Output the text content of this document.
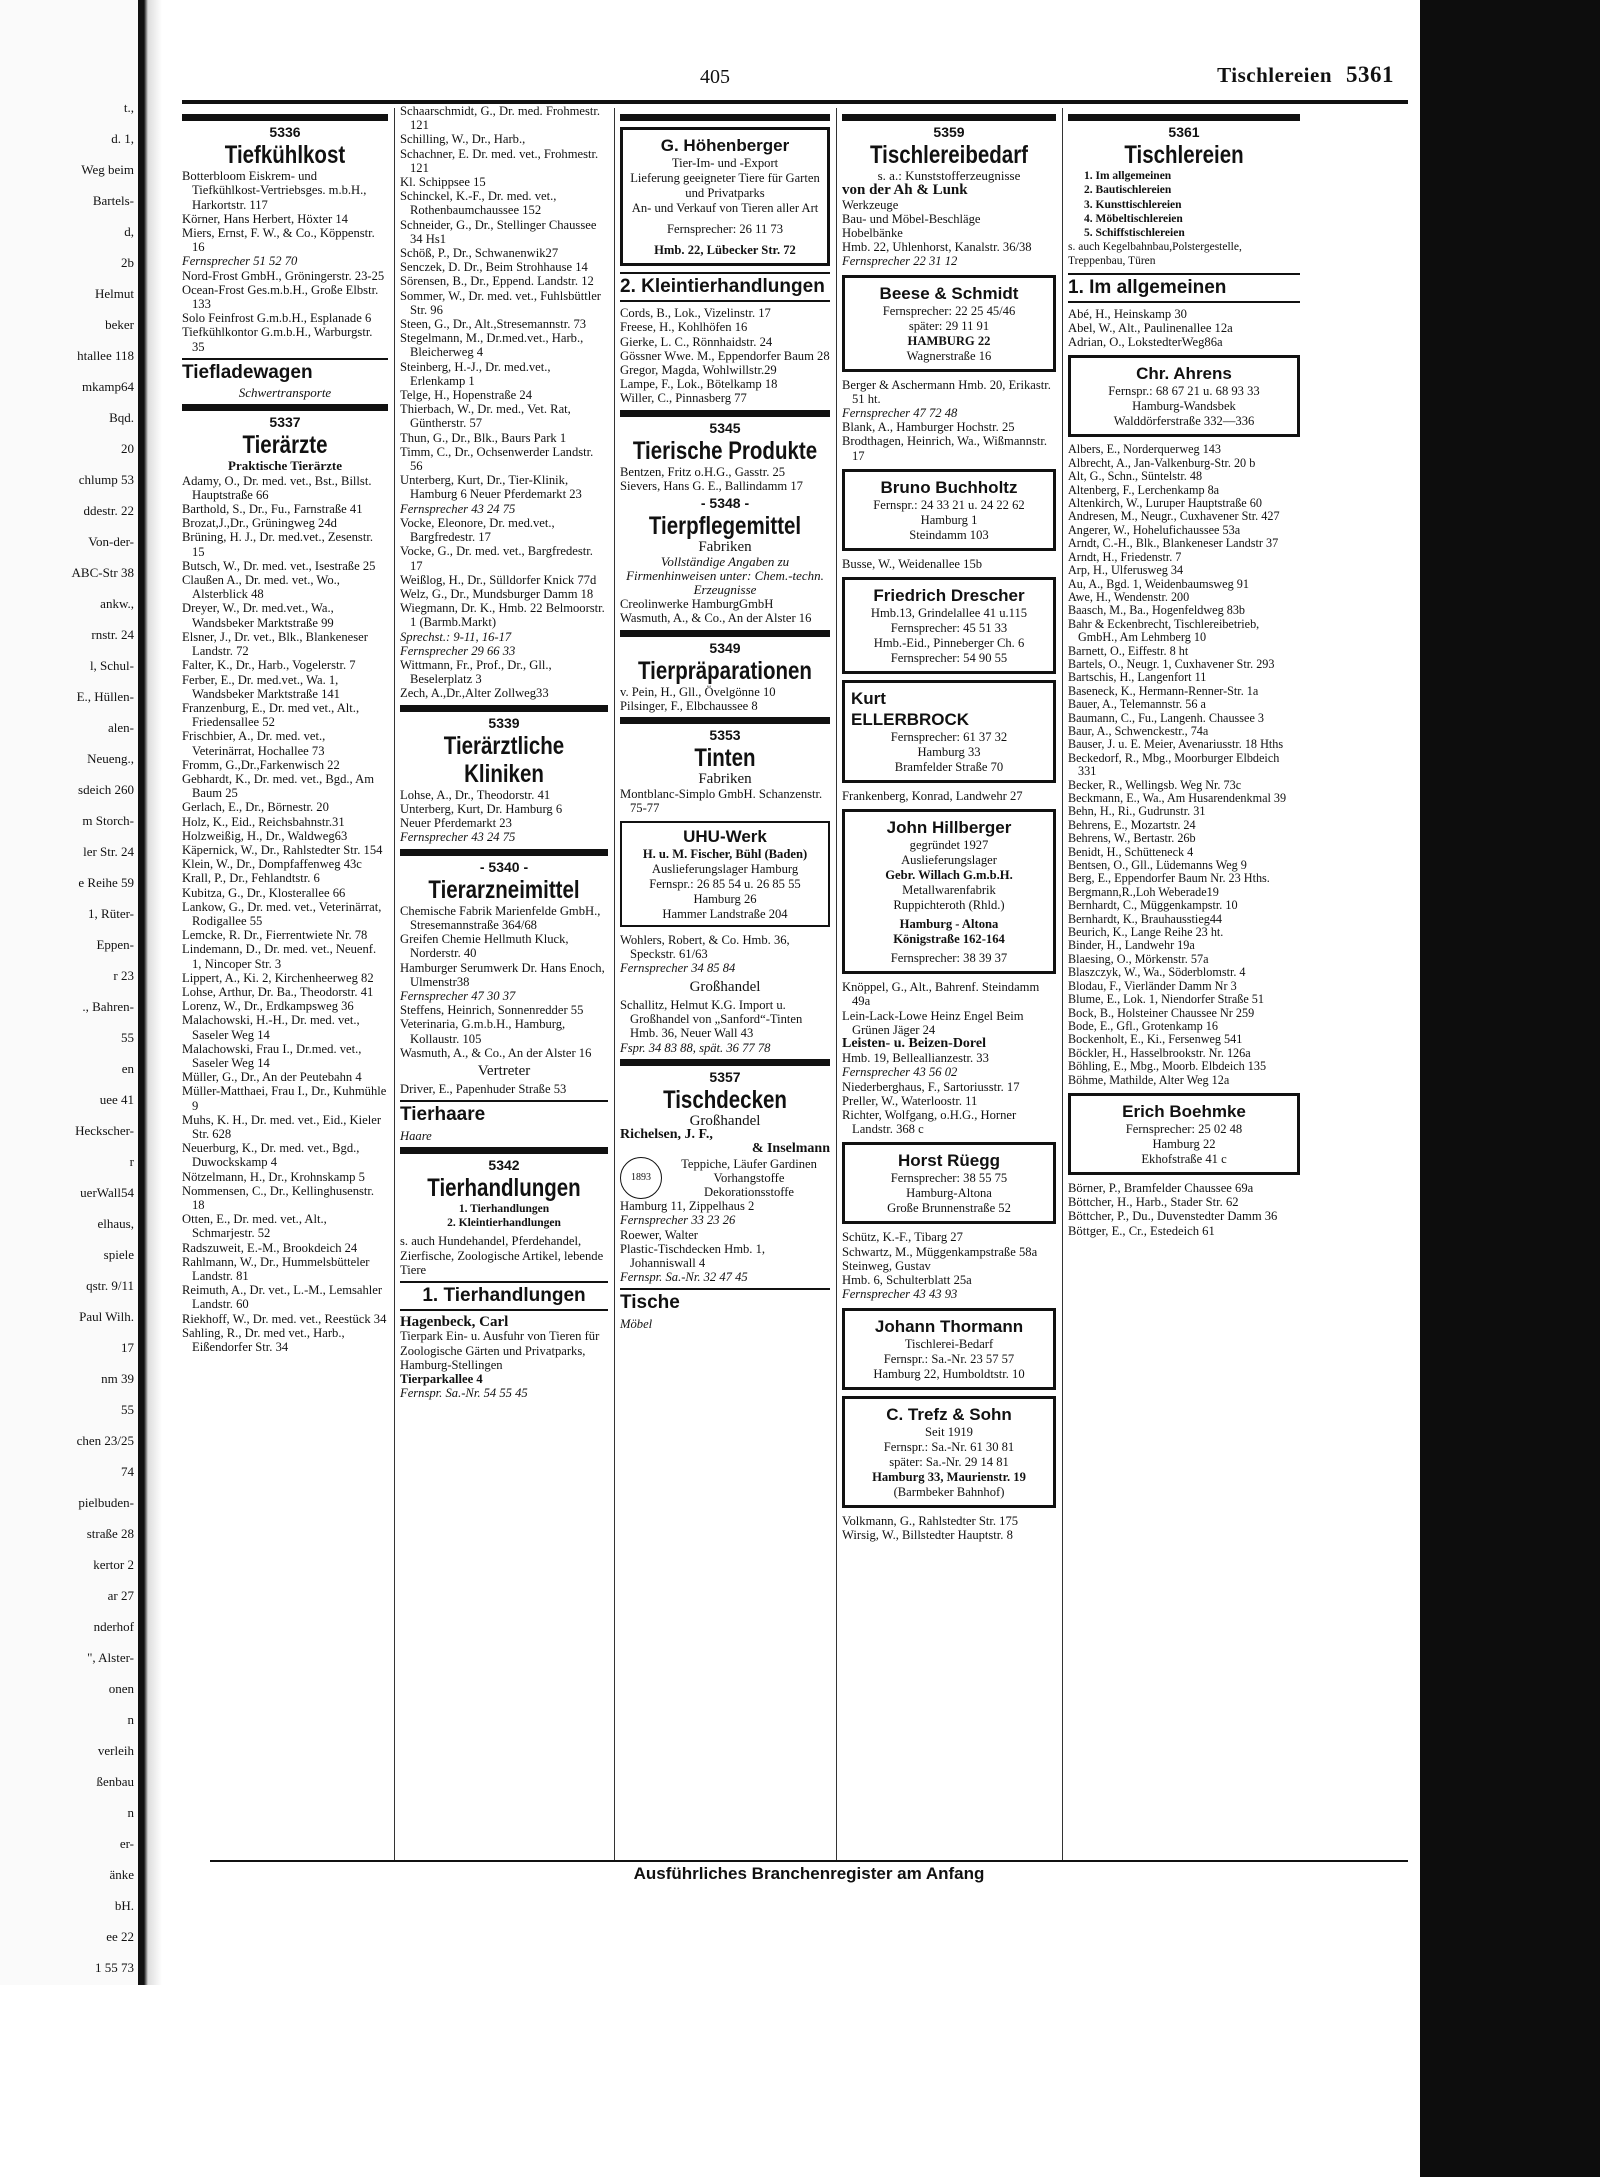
t.,
d. 1,
Weg beim
Bartels-
d,
2b
Helmut
beker
htallee 118
mkamp64
Bqd.
20
chlump 53
ddestr. 22
Von-der-
ABC-Str 38
ankw.,
rnstr. 24
l, Schul-
E., Hüllen-
alen-
Neueng.,
sdeich 260
m Storch-
ler Str. 24
e Reihe 59
1, Rüter-
Eppen-
r 23
., Bahren-
55
en
uee 41
Heckscher-
r
uerWall54
elhaus,
spiele
qstr. 9/11
Paul Wilh.
17
nm 39
55
chen 23/25
74
pielbuden-
straße 28
kertor 2
ar 27
nderhof
", Alster-
onen
n
verleih
ßenbau
n
er-
änke
bH.
ee 22
1 55 73
405	Tischlereien 5361
5336
Tiefkühlkost

Botterbloom Eiskrem- und Tiefkühlkost-Vertriebsges. m.b.H., Harkortstr. 117

Körner, Hans Herbert, Höxter 14

Miers, Ernst, F. W., & Co., Köppenstr. 16

Fernsprecher 51 52 70

Nord-Frost GmbH., Gröningerstr. 23-25

Ocean-Frost Ges.m.b.H., Große Elbstr. 133

Solo Feinfrost G.m.b.H., Esplanade 6

Tiefkühlkontor G.m.b.H., Warburgstr. 35

Tiefladewagen
Schwertransporte
5337
Tierärzte
Praktische Tierärzte

Adamy, O., Dr. med. vet., Bst., Billst. Hauptstraße 66

Barthold, S., Dr., Fu., Farnstraße 41

Brozat,J.,Dr., Grüningweg 24d

Brüning, H. J., Dr. med.vet., Zesenstr. 15

Butsch, W., Dr. med. vet., Isestraße 25

Claußen A., Dr. med. vet., Wo., Alsterblick 48

Dreyer, W., Dr. med.vet., Wa., Wandsbeker Marktstraße 99

Elsner, J., Dr. vet., Blk., Blankeneser Landstr. 72

Falter, K., Dr., Harb., Vogelerstr. 7

Ferber, E., Dr. med.vet., Wa. 1, Wandsbeker Marktstraße 141

Franzenburg, E., Dr. med vet., Alt., Friedensallee 52

Frischbier, A., Dr. med. vet., Veterinärrat, Hochallee 73

Fromm, G.,Dr.,Farkenwisch 22

Gebhardt, K., Dr. med. vet., Bgd., Am Baum 25

Gerlach, E., Dr., Börnestr. 20

Holz, K., Eid., Reichsbahnstr.31

Holzweißig, H., Dr., Waldweg63

Käpernick, W., Dr., Rahlstedter Str. 154

Klein, W., Dr., Dompfaffenweg 43c

Krall, P., Dr., Fehlandtstr. 6

Kubitza, G., Dr., Klosterallee 66

Lankow, G., Dr. med. vet., Veterinärrat, Rodigallee 55

Lemcke, R. Dr., Fierrentwiete Nr. 78

Lindemann, D., Dr. med. vet., Neuenf. 1, Nincoper Str. 3

Lippert, A., Ki. 2, Kirchenheerweg 82

Lohse, Arthur, Dr. Ba., Theodorstr. 41

Lorenz, W., Dr., Erdkampsweg 36

Malachowski, H.-H., Dr. med. vet., Saseler Weg 14

Malachowski, Frau I., Dr.med. vet., Saseler Weg 14

Müller, G., Dr., An der Peutebahn 4

Müller-Matthaei, Frau I., Dr., Kuhmühle 9

Muhs, K. H., Dr. med. vet., Eid., Kieler Str. 628

Neuerburg, K., Dr. med. vet., Bgd., Duwockskamp 4

Nötzelmann, H., Dr., Krohnskamp 5

Nommensen, C., Dr., Kellinghusenstr. 18

Otten, E., Dr. med. vet., Alt., Schmarjestr. 52

Radszuweit, E.-M., Brookdeich 24

Rahlmann, W., Dr., Hummelsbütteler Landstr. 81

Reimuth, A., Dr. vet., L.-M., Lemsahler Landstr. 60

Riekhoff, W., Dr. med. vet., Reestück 34

Sahling, R., Dr. med vet., Harb., Eißendorfer Str. 34

Schaarschmidt, G., Dr. med. Frohmestr. 121

Schilling, W., Dr., Harb.,

Schachner, E. Dr. med. vet., Frohmestr. 121

Kl. Schippsee 15

Schinckel, K.-F., Dr. med. vet., Rothenbaumchaussee 152

Schneider, G., Dr., Stellinger Chaussee 34 Hs1

Schöß, P., Dr., Schwanenwik27

Senczek, D. Dr., Beim Strohhause 14

Sörensen, B., Dr., Eppend. Landstr. 12

Sommer, W., Dr. med. vet., Fuhlsbüttler Str. 96

Steen, G., Dr., Alt.,Stresemannstr. 73

Stegelmann, M., Dr.med.vet., Harb., Bleicherweg 4

Steinberg, H.-J., Dr. med.vet., Erlenkamp 1

Telge, H., Hopenstraße 24

Thierbach, W., Dr. med., Vet. Rat, Güntherstr. 57

Thun, G., Dr., Blk., Baurs Park 1

Timm, C., Dr., Ochsenwerder Landstr. 56

Unterberg, Kurt, Dr., Tier-Klinik, Hamburg 6 Neuer Pferdemarkt 23

Fernsprecher 43 24 75

Vocke, Eleonore, Dr. med.vet., Bargfredestr. 17

Vocke, G., Dr. med. vet., Bargfredestr. 17

Weißlog, H., Dr., Sülldorfer Knick 77d

Welz, G., Dr., Mundsburger Damm 18

Wiegmann, Dr. K., Hmb. 22 Belmoorstr. 1 (Barmb.Markt)

Sprechst.: 9-11, 16-17

Fernsprecher 29 66 33

Wittmann, Fr., Prof., Dr., Gll., Beselerplatz 3

Zech, A.,Dr.,Alter Zollweg33

5339
Tierärztliche Kliniken

Lohse, A., Dr., Theodorstr. 41

Unterberg, Kurt, Dr. Hamburg 6

Neuer Pferdemarkt 23

Fernsprecher 43 24 75

- 5340 -
Tierarzneimittel

Chemische Fabrik Marienfelde GmbH., Stresemannstraße 364/68

Greifen Chemie Hellmuth Kluck, Norderstr. 40

Hamburger Serumwerk Dr. Hans Enoch, Ulmenstr38

Fernsprecher 47 30 37

Steffens, Heinrich, Sonnenredder 55

Veterinaria, G.m.b.H., Hamburg, Kollaustr. 105

Wasmuth, A., & Co., An der Alster 16

Vertreter

Driver, E., Papenhuder Straße 53

Tierhaare
Haare
5342
Tierhandlungen
1. Tierhandlungen
2. Kleintierhandlungen

s. auch Hundehandel, Pferdehandel, Zierfische, Zoologische Artikel, lebende Tiere

1. Tierhandlungen

Hagenbeck, Carl

Tierpark Ein- u. Ausfuhr von Tieren für Zoologische Gärten und Privatparks, Hamburg-Stellingen

Tierparkallee 4

Fernspr. Sa.-Nr. 54 55 45

G. Höhenberger
Tier-Im- und -Export
Lieferung geeigneter Tiere für Garten und Privatparks
An- und Verkauf von Tieren aller Art
Fernsprecher: 26 11 73
Hmb. 22, Lübecker Str. 72
2. Kleintierhandlungen

Cords, B., Lok., Vizelinstr. 17

Freese, H., Kohlhöfen 16

Gierke, L. C., Rönnhaidstr. 24

Gössner Wwe. M., Eppendorfer Baum 28

Gregor, Magda, Wohlwillstr.29

Lampe, F., Lok., Bötelkamp 18

Willer, C., Pinnasberg 77

5345
Tierische Produkte

Bentzen, Fritz o.H.G., Gasstr. 25

Sievers, Hans G. E., Ballindamm 17

- 5348 -
Tierpflegemittel
Fabriken
Vollständige Angaben zu Firmenhinweisen unter: Chem.-techn. Erzeugnisse

Creolinwerke HamburgGmbH

Wasmuth, A., & Co., An der Alster 16

5349
Tierpräparationen

v. Pein, H., Gll., Övelgönne 10

Pilsinger, F., Elbchaussee 8

5353
Tinten
Fabriken

Montblanc-Simplo GmbH. Schanzenstr. 75-77

UHU-Werk
H. u. M. Fischer, Bühl (Baden)
Auslieferungslager Hamburg
Fernspr.: 26 85 54 u. 26 85 55
Hamburg 26
Hammer Landstraße 204

Wohlers, Robert, & Co. Hmb. 36, Speckstr. 61/63

Fernsprecher 34 85 84

Großhandel

Schallitz, Helmut K.G. Import u. Großhandel von „Sanford“-Tinten Hmb. 36, Neuer Wall 43

Fspr. 34 83 88, spät. 36 77 78

5357
Tischdecken
Großhandel

Richelsen, J. F.,

& Inselmann

1893
Teppiche, Läufer Gardinen Vorhangstoffe Dekorationsstoffe

Hamburg 11, Zippelhaus 2

Fernsprecher 33 23 26

Roewer, Walter

Plastic-Tischdecken Hmb. 1, Johanniswall 4

Fernspr. Sa.-Nr. 32 47 45

Tische
Möbel
5359
Tischlereibedarf
s. a.: Kunststofferzeugnisse

von der Ah & Lunk

Werkzeuge

Bau- und Möbel-Beschläge

Hobelbänke

Hmb. 22, Uhlenhorst, Kanalstr. 36/38

Fernsprecher 22 31 12

Beese & Schmidt
Fernsprecher: 22 25 45/46
später: 29 11 91
HAMBURG 22
Wagnerstraße 16

Berger & Aschermann Hmb. 20, Erikastr. 51 ht.

Fernsprecher 47 72 48

Blank, A., Hamburger Hochstr. 25

Brodthagen, Heinrich, Wa., Wißmannstr. 17

Bruno Buchholtz
Fernspr.: 24 33 21 u. 24 22 62
Hamburg 1
Steindamm 103

Busse, W., Weidenallee 15b

Friedrich Drescher
Hmb.13, Grindelallee 41 u.115
Fernsprecher: 45 51 33
Hmb.-Eid., Pinneberger Ch. 6
Fernsprecher: 54 90 55
Kurt
ELLERBROCK
Fernsprecher: 61 37 32
Hamburg 33
Bramfelder Straße 70

Frankenberg, Konrad, Landwehr 27

John Hillberger
gegründet 1927
Auslieferungslager
Gebr. Willach G.m.b.H.
Metallwarenfabrik
Ruppichteroth (Rhld.)
Hamburg - Altona
Königstraße 162-164
Fernsprecher: 38 39 37

Knöppel, G., Alt., Bahrenf. Steindamm 49a

Lein-Lack-Lowe Heinz Engel Beim Grünen Jäger 24

Leisten- u. Beizen-Dorel

Hmb. 19, Belleallianzestr. 33

Fernsprecher 43 56 02

Niederberghaus, F., Sartoriusstr. 17

Preller, W., Waterloostr. 11

Richter, Wolfgang, o.H.G., Horner Landstr. 368 c

Horst Rüegg
Fernsprecher: 38 55 75
Hamburg-Altona
Große Brunnenstraße 52

Schütz, K.-F., Tibarg 27

Schwartz, M., Müggenkampstraße 58a

Steinweg, Gustav

Hmb. 6, Schulterblatt 25a

Fernsprecher 43 43 93

Johann Thormann
Tischlerei-Bedarf
Fernspr.: Sa.-Nr. 23 57 57
Hamburg 22, Humboldtstr. 10
C. Trefz & Sohn
Seit 1919
Fernspr.: Sa.-Nr. 61 30 81
später: Sa.-Nr. 29 14 81
Hamburg 33, Maurienstr. 19
(Barmbeker Bahnhof)

Volkmann, G., Rahlstedter Str. 175

Wirsig, W., Billstedter Hauptstr. 8

5361
Tischlereien
1. Im allgemeinen
2. Bautischlereien
3. Kunsttischlereien
4. Möbeltischlereien
5. Schiffstischlereien

s. auch Kegelbahnbau,Polstergestelle, Treppenbau, Türen

1. Im allgemeinen

Abé, H., Heinskamp 30

Abel, W., Alt., Paulinenallee 12a

Adrian, O., LokstedterWeg86a

Chr. Ahrens
Fernspr.: 68 67 21 u. 68 93 33
Hamburg-Wandsbek
Walddörferstraße 332—336

Albers, E., Norderquerweg 143

Albrecht, A., Jan-Valkenburg-Str. 20 b

Alt, G., Schn., Süntelstr. 48

Altenberg, F., Lerchenkamp 8a

Altenkirch, W., Luruper Hauptstraße 60

Andresen, M., Neugr., Cuxhavener Str. 427

Angerer, W., Hohelufichaussee 53a

Arndt, C.-H., Blk., Blankeneser Landstr 37

Arndt, H., Friedenstr. 7

Arp, H., Ulferusweg 34

Au, A., Bgd. 1, Weidenbaumsweg 91

Awe, H., Wendenstr. 200

Baasch, M., Ba., Hogenfeldweg 83b

Bahr & Eckenbrecht, Tischlereibetrieb, GmbH., Am Lehmberg 10

Barnett, O., Eiffestr. 8 ht

Bartels, O., Neugr. 1, Cuxhavener Str. 293

Bartschis, H., Langenfort 11

Baseneck, K., Hermann-Renner-Str. 1a

Bauer, A., Telemannstr. 56 a

Baumann, C., Fu., Langenh. Chaussee 3

Baur, A., Schwenckestr., 74a

Bauser, J. u. E. Meier, Avenariusstr. 18 Hths

Beckedorf, R., Mbg., Moorburger Elbdeich 331

Becker, R., Wellingsb. Weg Nr. 73c

Beckmann, E., Wa., Am Husarendenkmal 39

Behn, H., Ri., Gudrunstr. 31

Behrens, E., Mozartstr. 24

Behrens, W., Bertastr. 26b

Benidt, H., Schütteneck 4

Bentsen, O., Gll., Lüdemanns Weg 9

Berg, E., Eppendorfer Baum Nr. 23 Hths.

Bergmann,R.,Loh Weberade19

Bernhardt, C., Müggenkampstr. 10

Bernhardt, K., Brauhausstieg44

Beurich, K., Lange Reihe 23 ht.

Binder, H., Landwehr 19a

Blaesing, O., Mörkenstr. 57a

Blaszczyk, W., Wa., Söderblomstr. 4

Blodau, F., Vierländer Damm Nr 3

Blume, E., Lok. 1, Niendorfer Straße 51

Bock, B., Holsteiner Chaussee Nr 259

Bode, E., Gfl., Grotenkamp 16

Bockenholt, E., Ki., Fersenweg 541

Böckler, H., Hasselbrookstr. Nr. 126a

Böhling, E., Mbg., Moorb. Elbdeich 135

Böhme, Mathilde, Alter Weg 12a

Erich Boehmke
Fernsprecher: 25 02 48
Hamburg 22
Ekhofstraße 41 c

Börner, P., Bramfelder Chaussee 69a

Böttcher, H., Harb., Stader Str. 62

Böttcher, P., Du., Duvenstedter Damm 36

Böttger, E., Cr., Estedeich 61

Ausführliches Branchenregister am Anfang
